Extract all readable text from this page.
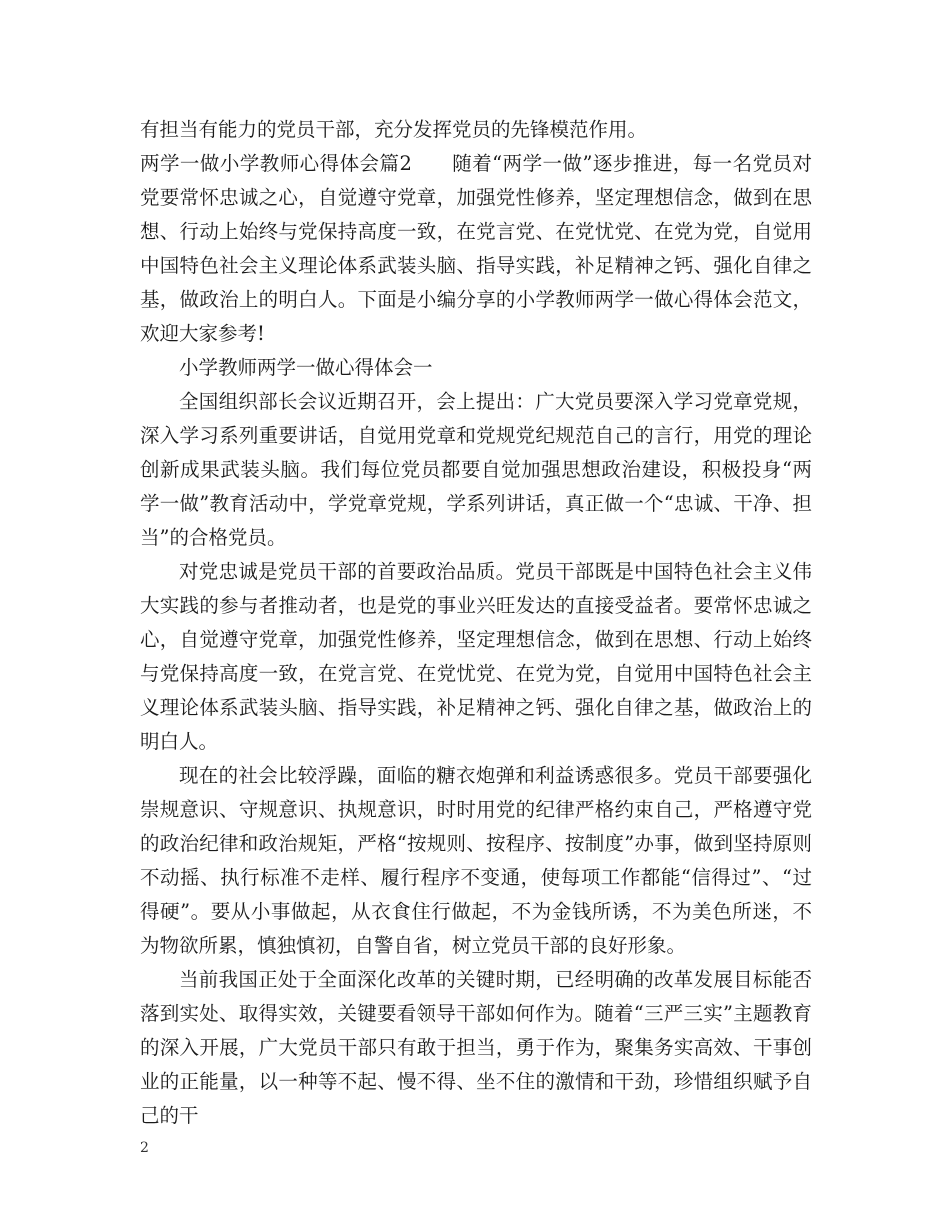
有担当有能力的党员干部，充分发挥党员的先锋模范作用。

两学一做小学教师心得体会篇2　　随着“两学一做”逐步推进，每一名党员对党要常怀忠诚之心，自觉遵守党章，加强党性修养，坚定理想信念，做到在思想、行动上始终与党保持高度一致，在党言党、在党忧党、在党为党，自觉用中国特色社会主义理论体系武装头脑、指导实践，补足精神之钙、强化自律之基，做政治上的明白人。下面是小编分享的小学教师两学一做心得体会范文，欢迎大家参考!

小学教师两学一做心得体会一

全国组织部长会议近期召开，会上提出：广大党员要深入学习党章党规，深入学习系列重要讲话，自觉用党章和党规党纪规范自己的言行，用党的理论创新成果武装头脑。我们每位党员都要自觉加强思想政治建设，积极投身“两学一做”教育活动中，学党章党规，学系列讲话，真正做一个“忠诚、干净、担当”的合格党员。

对党忠诚是党员干部的首要政治品质。党员干部既是中国特色社会主义伟大实践的参与者推动者，也是党的事业兴旺发达的直接受益者。要常怀忠诚之心，自觉遵守党章，加强党性修养，坚定理想信念，做到在思想、行动上始终与党保持高度一致，在党言党、在党忧党、在党为党，自觉用中国特色社会主义理论体系武装头脑、指导实践，补足精神之钙、强化自律之基，做政治上的明白人。

现在的社会比较浮躁，面临的糖衣炮弹和利益诱惑很多。党员干部要强化崇规意识、守规意识、执规意识，时时用党的纪律严格约束自己，严格遵守党的政治纪律和政治规矩，严格“按规则、按程序、按制度”办事，做到坚持原则不动摇、执行标准不走样、履行程序不变通，使每项工作都能“信得过”、“过得硬”。要从小事做起，从衣食住行做起，不为金钱所诱，不为美色所迷，不为物欲所累，慎独慎初，自警自省，树立党员干部的良好形象。

当前我国正处于全面深化改革的关键时期，已经明确的改革发展目标能否落到实处、取得实效，关键要看领导干部如何作为。随着“三严三实”主题教育的深入开展，广大党员干部只有敢于担当，勇于作为，聚集务实高效、干事创业的正能量，以一种等不起、慢不得、坐不住的激情和干劲，珍惜组织赋予自己的干

2
